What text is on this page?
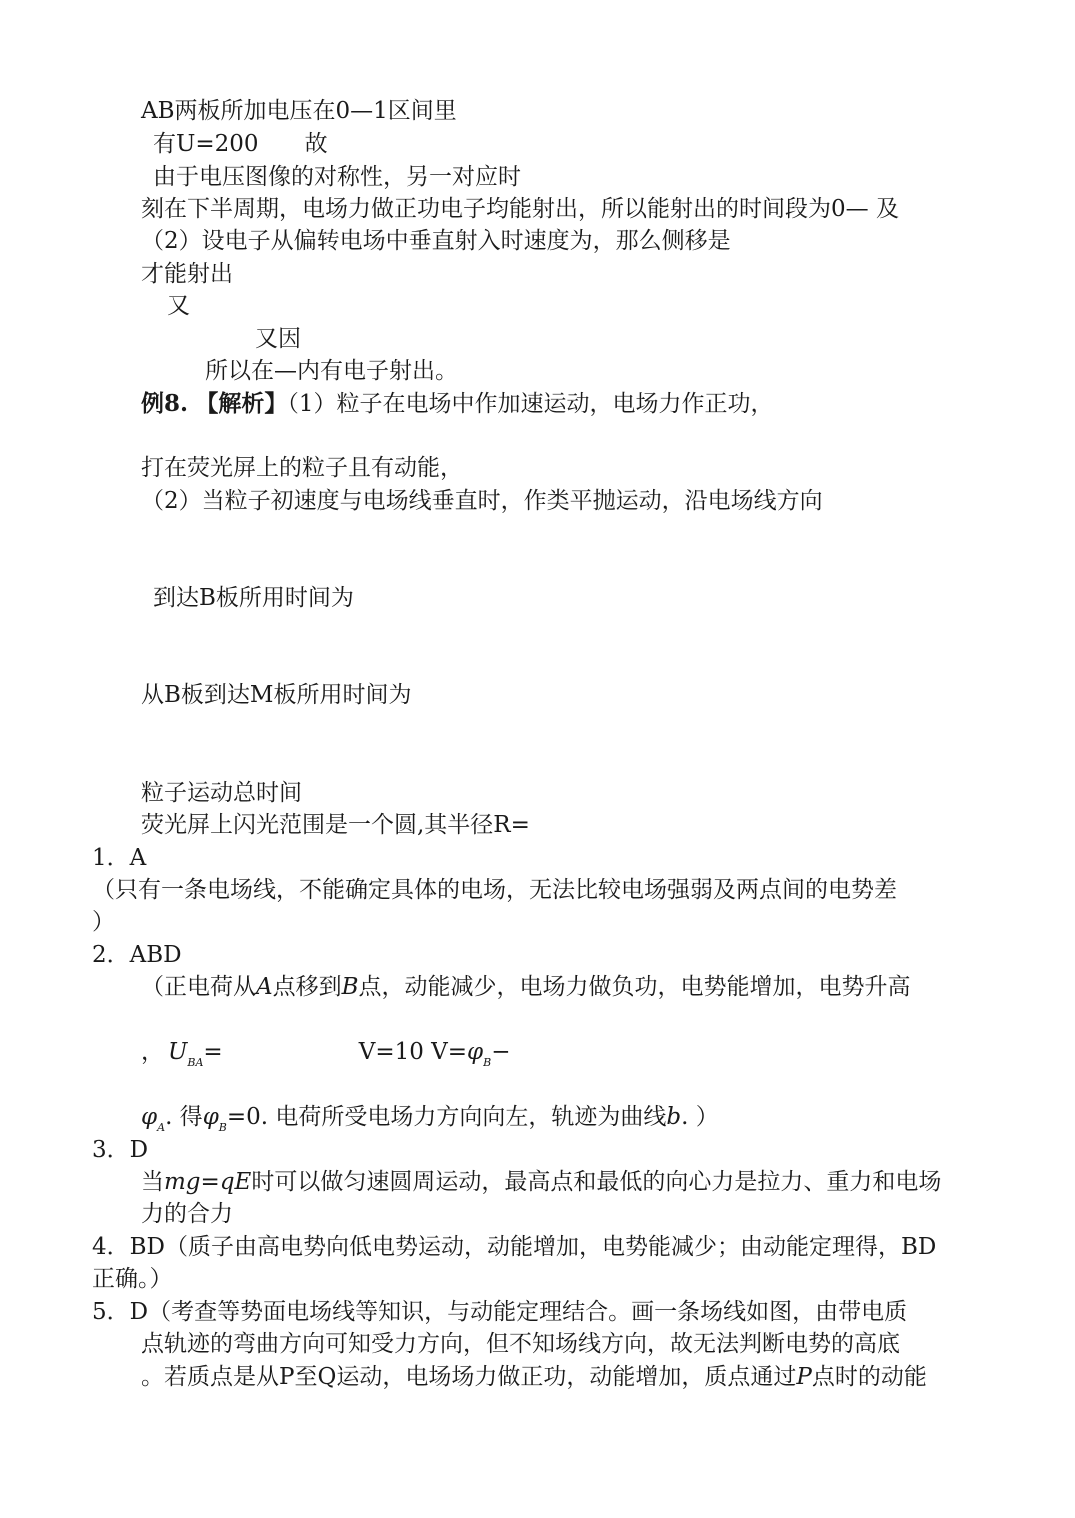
AB两板所加电压在0—1区间里
有U=200 故
由于电压图像的对称性，另一对应时
刻在下半周期，电场力做正功电子均能射出，所以能射出的时间段为0— 及
（2）设电子从偏转电场中垂直射入时速度为，那么侧移是
才能射出
又
又因
所以在—内有电子射出。
例8. 【解析】（1）粒子在电场中作加速运动，电场力作正功，
打在荧光屏上的粒子且有动能，
（2）当粒子初速度与电场线垂直时，作类平抛运动，沿电场线方向
到达B板所用时间为
从B板到达M板所用时间为
粒子运动总时间
荧光屏上闪光范围是一个圆,其半径R=
1．A
（只有一条电场线，不能确定具体的电场，无法比较电场强弱及两点间的电势差
）
2．ABD
（正电荷从A点移到B点，动能减少，电场力做负功，电势能增加，电势升高
， $U_{BA}=$	V=10 $V=\varphi_B-$
$\varphi_A$. 得$\varphi_B=0$. 电荷所受电场力方向向左，轨迹为曲线b. ）
3．D
当mg=qE时可以做匀速圆周运动，最高点和最低的向心力是拉力、重力和电场
力的合力
4．BD（质子由高电势向低电势运动，动能增加，电势能减少；由动能定理得，BD
正确。）
5．D（考查等势面电场线等知识，与动能定理结合。画一条场线如图，由带电质
点轨迹的弯曲方向可知受力方向，但不知场线方向，故无法判断电势的高底
。若质点是从P至Q运动，电场场力做正功，动能增加，质点通过P点时的动能
